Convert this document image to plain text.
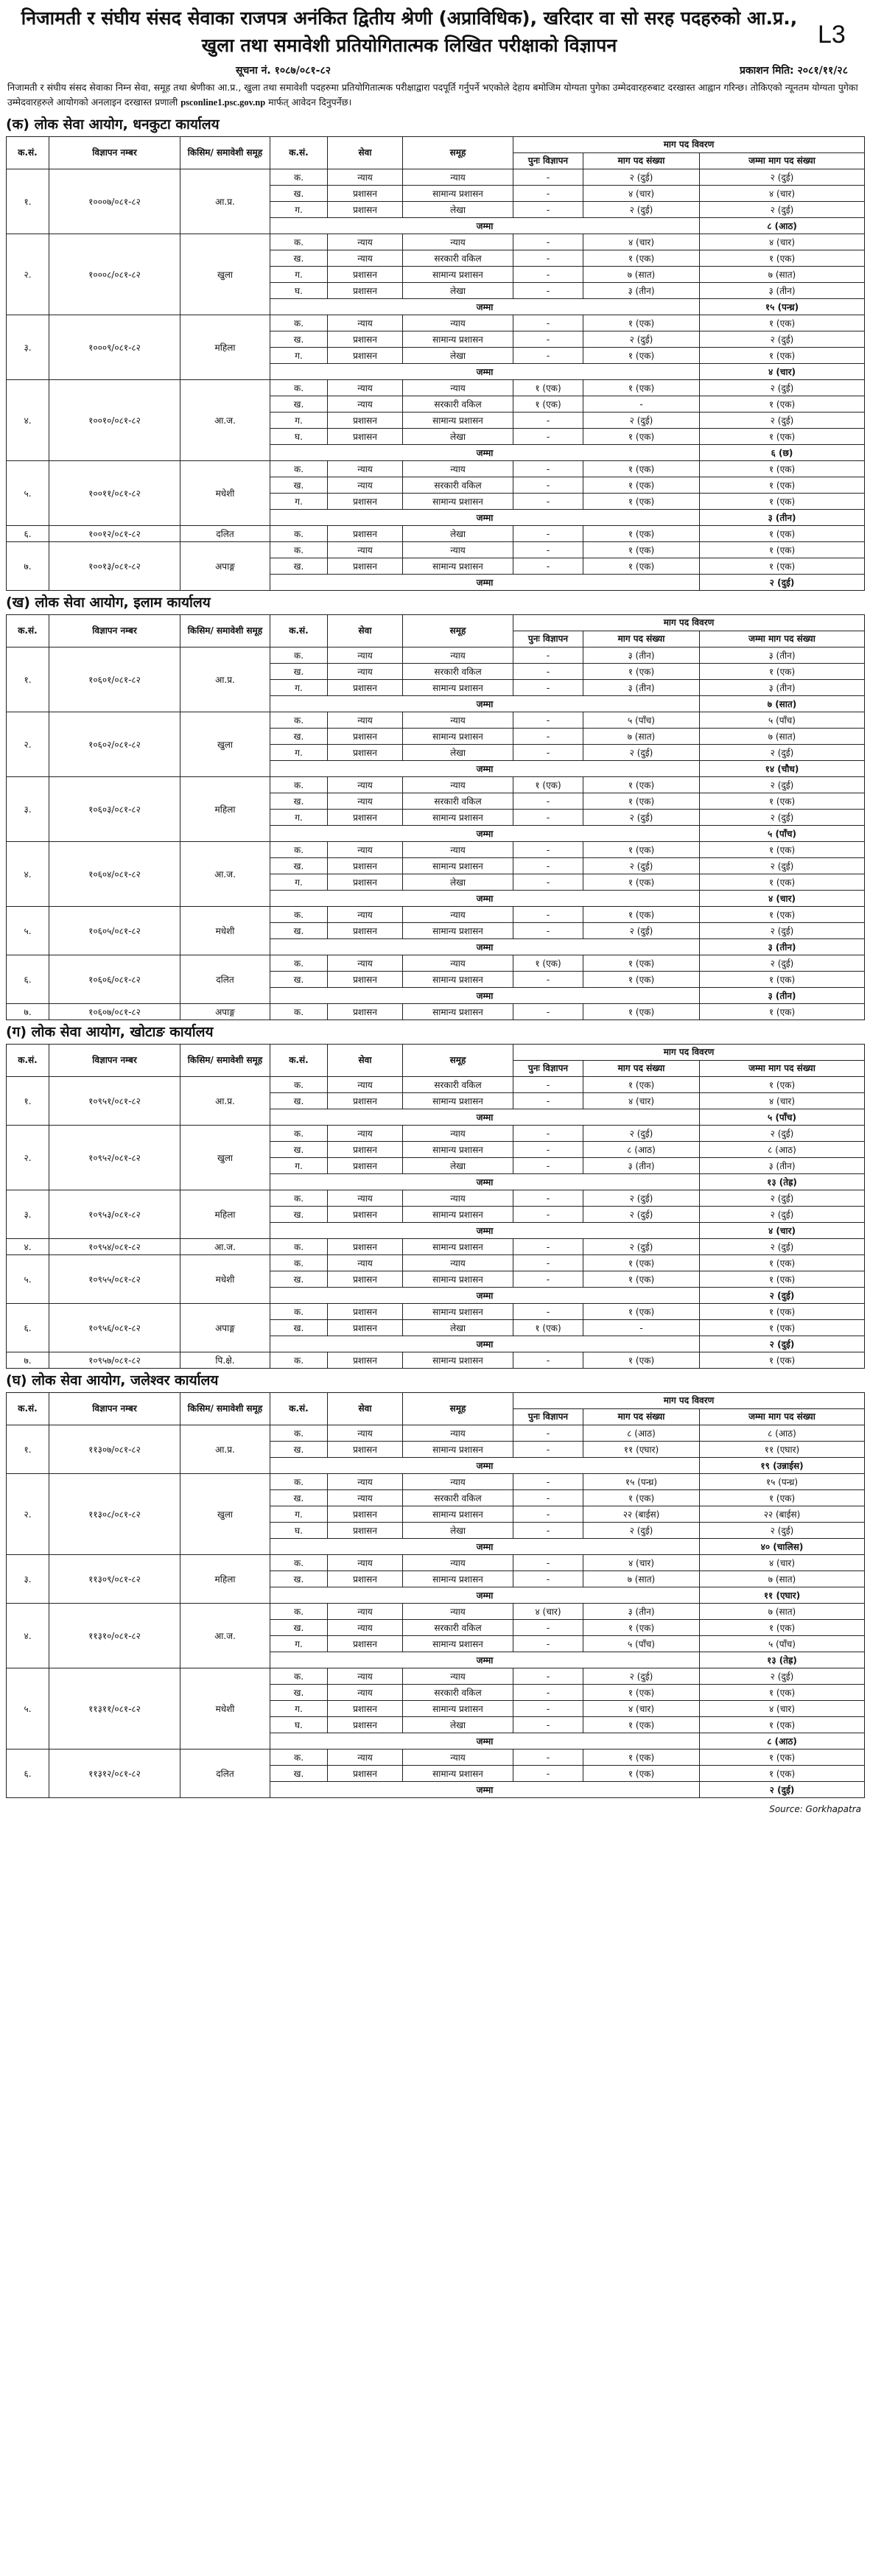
L3
निजामती र संघीय संसद सेवाका राजपत्र अनंकित द्वितीय श्रेणी (अप्राविधिक), खरिदार वा सो सरह पदहरुको आ.प्र., खुला तथा समावेशी प्रतियोगितात्मक लिखित परीक्षाको विज्ञापन
सूचना नं. १०८७/०८१-८२	प्रकाशन मिति: २०८१/११/२८
निजामती र संघीय संसद सेवाका निम्न सेवा, समूह तथा श्रेणीका आ.प्र., खुला तथा समावेशी पदहरुमा प्रतियोगितात्मक परीक्षाद्वारा पदपूर्ति गर्नुपर्ने भएकोले देहाय बमोजिम योग्यता पुगेका उम्मेदवारहरुबाट दरखास्त आह्वान गरिन्छ। तोकिएको न्यूनतम योग्यता पुगेका उम्मेदवारहरुले आयोगको अनलाइन दरखास्त प्रणाली psconline1.psc.gov.np मार्फत् आवेदन दिनुपर्नेछ।
(क) लोक सेवा आयोग, धनकुटा कार्यालय
क.सं.	विज्ञापन नम्बर	किसिम/ समावेशी समूह	क.सं.	सेवा	समूह	माग पद विवरण		
						पुनः विज्ञापन	माग पद संख्या	जम्मा माग पद संख्या
१.	१०००७/०८१-८२	आ.प्र.	क.	न्याय	न्याय	-	२ (दुई)	२ (दुई)
			ख.	प्रशासन	सामान्य प्रशासन	-	४ (चार)	४ (चार)
			ग.	प्रशासन	लेखा	-	२ (दुई)	२ (दुई)
			जम्मा					८ (आठ)
२.	१०००८/०८१-८२	खुला	क.	न्याय	न्याय	-	४ (चार)	४ (चार)
			ख.	न्याय	सरकारी वकिल	-	१ (एक)	१ (एक)
			ग.	प्रशासन	सामान्य प्रशासन	-	७ (सात)	७ (सात)
			घ.	प्रशासन	लेखा	-	३ (तीन)	३ (तीन)
			जम्मा					१५ (पन्ध्र)
३.	१०००९/०८१-८२	महिला	क.	न्याय	न्याय	-	१ (एक)	१ (एक)
			ख.	प्रशासन	सामान्य प्रशासन	-	२ (दुई)	२ (दुई)
			ग.	प्रशासन	लेखा	-	१ (एक)	१ (एक)
			जम्मा					४ (चार)
४.	१००१०/०८१-८२	आ.ज.	क.	न्याय	न्याय	१ (एक)	१ (एक)	२ (दुई)
			ख.	न्याय	सरकारी वकिल	१ (एक)	-	१ (एक)
			ग.	प्रशासन	सामान्य प्रशासन	-	२ (दुई)	२ (दुई)
			घ.	प्रशासन	लेखा	-	१ (एक)	१ (एक)
			जम्मा					६ (छ)
५.	१००११/०८१-८२	मधेशी	क.	न्याय	न्याय	-	१ (एक)	१ (एक)
			ख.	न्याय	सरकारी वकिल	-	१ (एक)	१ (एक)
			ग.	प्रशासन	सामान्य प्रशासन	-	१ (एक)	१ (एक)
			जम्मा					३ (तीन)
६.	१००१२/०८१-८२	दलित	क.	प्रशासन	लेखा	-	१ (एक)	१ (एक)
७.	१००१३/०८१-८२	अपाङ्ग	क.	न्याय	न्याय	-	१ (एक)	१ (एक)
			ख.	प्रशासन	सामान्य प्रशासन	-	१ (एक)	१ (एक)
			जम्मा					२ (दुई)
(ख) लोक सेवा आयोग, इलाम कार्यालय
क.सं.	विज्ञापन नम्बर	किसिम/ समावेशी समूह	क.सं.	सेवा	समूह	माग पद विवरण		
						पुनः विज्ञापन	माग पद संख्या	जम्मा माग पद संख्या
१.	१०६०१/०८१-८२	आ.प्र.	क.	न्याय	न्याय	-	३ (तीन)	३ (तीन)
			ख.	न्याय	सरकारी वकिल	-	१ (एक)	१ (एक)
			ग.	प्रशासन	सामान्य प्रशासन	-	३ (तीन)	३ (तीन)
			जम्मा					७ (सात)
२.	१०६०२/०८१-८२	खुला	क.	न्याय	न्याय	-	५ (पाँच)	५ (पाँच)
			ख.	प्रशासन	सामान्य प्रशासन	-	७ (सात)	७ (सात)
			ग.	प्रशासन	लेखा	-	२ (दुई)	२ (दुई)
			जम्मा					१४ (चौध)
३.	१०६०३/०८१-८२	महिला	क.	न्याय	न्याय	१ (एक)	१ (एक)	२ (दुई)
			ख.	न्याय	सरकारी वकिल	-	१ (एक)	१ (एक)
			ग.	प्रशासन	सामान्य प्रशासन	-	२ (दुई)	२ (दुई)
			जम्मा					५ (पाँच)
४.	१०६०४/०८१-८२	आ.ज.	क.	न्याय	न्याय	-	१ (एक)	१ (एक)
			ख.	प्रशासन	सामान्य प्रशासन	-	२ (दुई)	२ (दुई)
			ग.	प्रशासन	लेखा	-	१ (एक)	१ (एक)
			जम्मा					४ (चार)
५.	१०६०५/०८१-८२	मधेशी	क.	न्याय	न्याय	-	१ (एक)	१ (एक)
			ख.	प्रशासन	सामान्य प्रशासन	-	२ (दुई)	२ (दुई)
			जम्मा					३ (तीन)
६.	१०६०६/०८१-८२	दलित	क.	न्याय	न्याय	१ (एक)	१ (एक)	२ (दुई)
			ख.	प्रशासन	सामान्य प्रशासन	-	१ (एक)	१ (एक)
			जम्मा					३ (तीन)
७.	१०६०७/०८१-८२	अपाङ्ग	क.	प्रशासन	सामान्य प्रशासन	-	१ (एक)	१ (एक)
(ग) लोक सेवा आयोग, खोटाङ कार्यालय
क.सं.	विज्ञापन नम्बर	किसिम/ समावेशी समूह	क.सं.	सेवा	समूह	माग पद विवरण		
						पुनः विज्ञापन	माग पद संख्या	जम्मा माग पद संख्या
१.	१०९५१/०८१-८२	आ.प्र.	क.	न्याय	सरकारी वकिल	-	१ (एक)	१ (एक)
			ख.	प्रशासन	सामान्य प्रशासन	-	४ (चार)	४ (चार)
			जम्मा					५ (पाँच)
२.	१०९५२/०८१-८२	खुला	क.	न्याय	न्याय	-	२ (दुई)	२ (दुई)
			ख.	प्रशासन	सामान्य प्रशासन	-	८ (आठ)	८ (आठ)
			ग.	प्रशासन	लेखा	-	३ (तीन)	३ (तीन)
			जम्मा					१३ (तेह्र)
३.	१०९५३/०८१-८२	महिला	क.	न्याय	न्याय	-	२ (दुई)	२ (दुई)
			ख.	प्रशासन	सामान्य प्रशासन	-	२ (दुई)	२ (दुई)
			जम्मा					४ (चार)
४.	१०९५४/०८१-८२	आ.ज.	क.	प्रशासन	सामान्य प्रशासन	-	२ (दुई)	२ (दुई)
५.	१०९५५/०८१-८२	मधेशी	क.	न्याय	न्याय	-	१ (एक)	१ (एक)
			ख.	प्रशासन	सामान्य प्रशासन	-	१ (एक)	१ (एक)
			जम्मा					२ (दुई)
६.	१०९५६/०८१-८२	अपाङ्ग	क.	प्रशासन	सामान्य प्रशासन	-	१ (एक)	१ (एक)
			ख.	प्रशासन	लेखा	१ (एक)	-	१ (एक)
			जम्मा					२ (दुई)
७.	१०९५७/०८१-८२	पि.क्षे.	क.	प्रशासन	सामान्य प्रशासन	-	१ (एक)	१ (एक)
(घ) लोक सेवा आयोग, जलेश्वर कार्यालय
क.सं.	विज्ञापन नम्बर	किसिम/ समावेशी समूह	क.सं.	सेवा	समूह	माग पद विवरण		
						पुनः विज्ञापन	माग पद संख्या	जम्मा माग पद संख्या
१.	११३०७/०८१-८२	आ.प्र.	क.	न्याय	न्याय	-	८ (आठ)	८ (आठ)
			ख.	प्रशासन	सामान्य प्रशासन	-	११ (एघार)	११ (एघार)
			जम्मा					१९ (उन्नाईस)
२.	११३०८/०८१-८२	खुला	क.	न्याय	न्याय	-	१५ (पन्ध्र)	१५ (पन्ध्र)
			ख.	न्याय	सरकारी वकिल	-	१ (एक)	१ (एक)
			ग.	प्रशासन	सामान्य प्रशासन	-	२२ (बाईस)	२२ (बाईस)
			घ.	प्रशासन	लेखा	-	२ (दुई)	२ (दुई)
			जम्मा					४० (चालिस)
३.	११३०९/०८१-८२	महिला	क.	न्याय	न्याय	-	४ (चार)	४ (चार)
			ख.	प्रशासन	सामान्य प्रशासन	-	७ (सात)	७ (सात)
			जम्मा					११ (एघार)
४.	११३१०/०८१-८२	आ.ज.	क.	न्याय	न्याय	४ (चार)	३ (तीन)	७ (सात)
			ख.	न्याय	सरकारी वकिल	-	१ (एक)	१ (एक)
			ग.	प्रशासन	सामान्य प्रशासन	-	५ (पाँच)	५ (पाँच)
			जम्मा					१३ (तेह्र)
५.	११३११/०८१-८२	मधेशी	क.	न्याय	न्याय	-	२ (दुई)	२ (दुई)
			ख.	न्याय	सरकारी वकिल	-	१ (एक)	१ (एक)
			ग.	प्रशासन	सामान्य प्रशासन	-	४ (चार)	४ (चार)
			घ.	प्रशासन	लेखा	-	१ (एक)	१ (एक)
			जम्मा					८ (आठ)
६.	११३१२/०८१-८२	दलित	क.	न्याय	न्याय	-	१ (एक)	१ (एक)
			ख.	प्रशासन	सामान्य प्रशासन	-	१ (एक)	१ (एक)
			जम्मा					२ (दुई)
Source: Gorkhapatra
